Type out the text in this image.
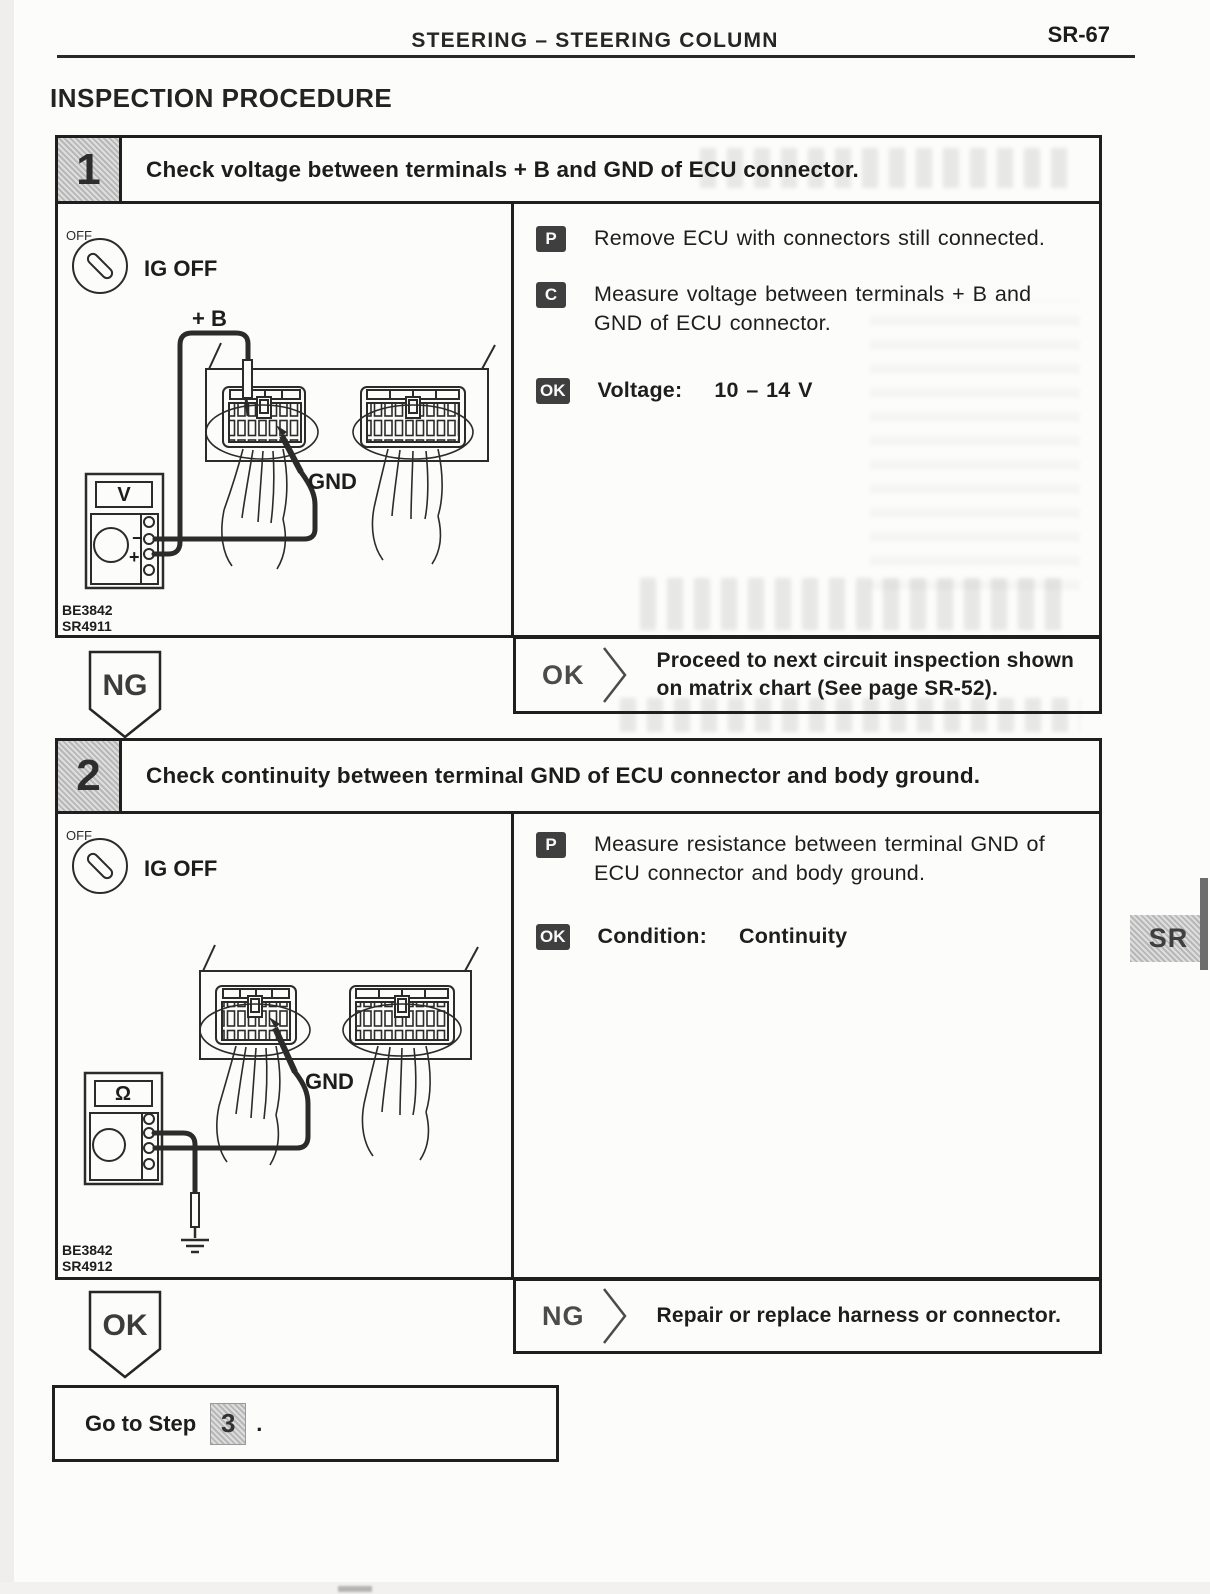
STEERING – STEERING COLUMN	SR-67
INSPECTION PROCEDURE
1	Check voltage between terminals + B and GND of ECU connector.
OFF
IG OFF
+ B
GND
V
−
+
BE3842
SR4911
P	Remove ECU with connectors still connected.

C	Measure voltage between terminals + B and GND of ECU connector.

OK Voltage: 10 – 14 V

NG	OK	Proceed to next circuit inspection shown on matrix chart (See page SR-52).

2	Check continuity between terminal GND of ECU connector and body ground.
OFF
IG OFF
GND
Ω
BE3842
SR4912
P	Measure resistance between terminal GND of ECU connector and body ground.

OK Condition: Continuity

OK	NG	Repair or replace harness or connector.

Go to Step 3 .
SR
